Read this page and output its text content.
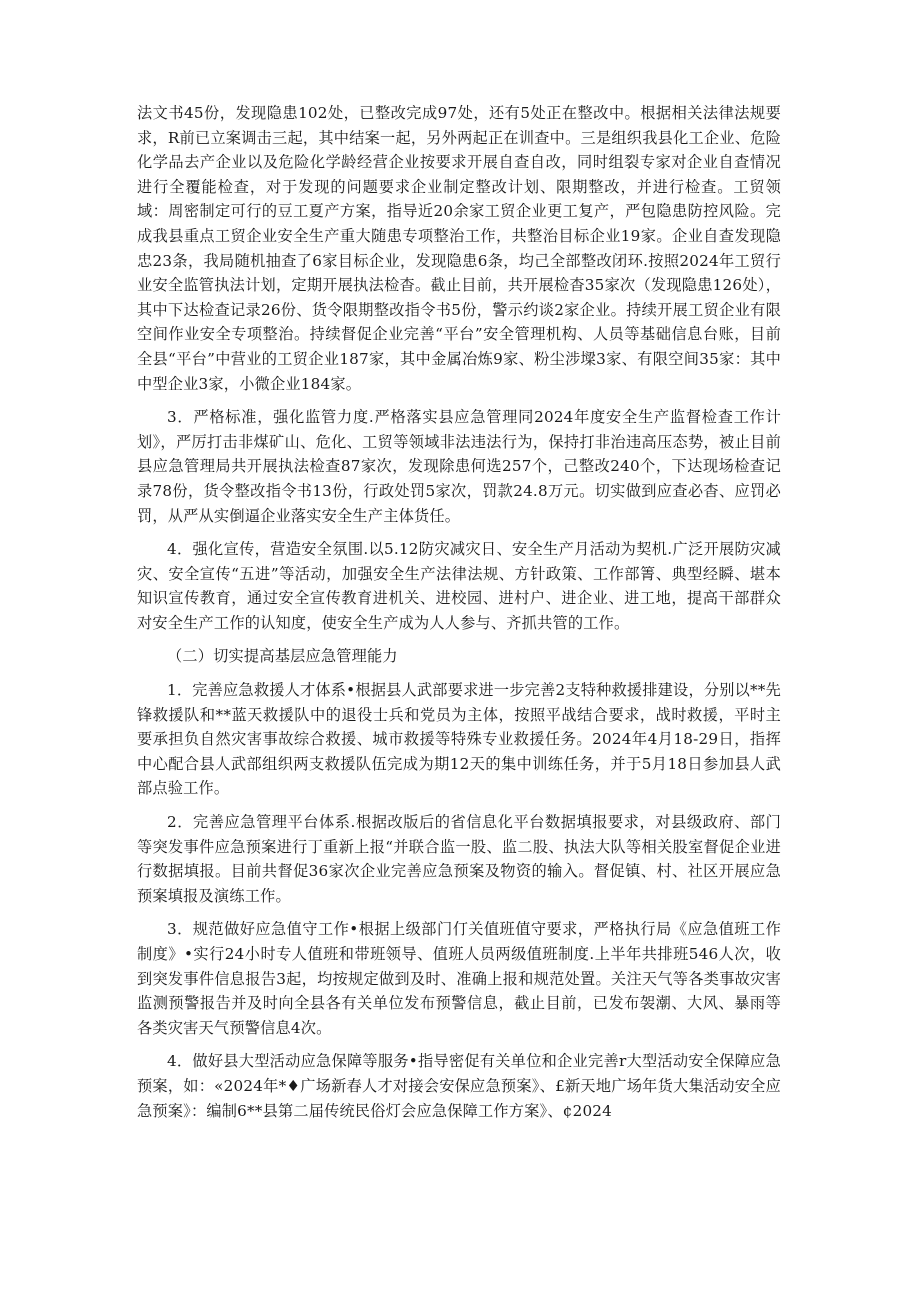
法文书45份，发现隐患102处，已整改完成97处，还有5处正在整改中。根据相关法律法规要求，R前已立案调击三起，其中结案一起，另外两起正在训查中。三是组织我县化工企业、危险化学品去产企业以及危险化学龄经营企业按要求开展自查自改，同时组裂专家对企业自查情况进行全覆能检查，对于发现的问题要求企业制定整改计划、限期整改，并进行检查。工贸领域：周密制定可行的豆工夏产方案，指导近20余家工贸企业更工复产，严包隐患防控风险。完成我县重点工贸企业安全生产重大随患专项整治工作，共整治目标企业19家。企业自查发现隐忠23条，我局随机抽查了6家目标企业，发现隐患6条，均己全部整改闭环.按照2024年工贸行业安全监管执法计划，定期开展执法检杳。截止目前，共开展检杳35家次（发现隐患126处），其中下达检查记录26份、货令限期整改指令书5份，警示约谈2家企业。持续开展工贸企业有限空间作业安全专项整治。持续督促企业完善“平台”安全管理机构、人员等基础信息台账，目前全县“平台”中营业的工贸企业187家，其中金属冶炼9家、粉尘涉墚3家、有限空间35家：其中中型企业3家，小微企业184家。

3．严格标准，强化监管力度.严格落实县应急管理同2024年度安全生产监督检查工作计划》，严厉打击非煤矿山、危化、工贸等领域非法违法行为，保持打非治违高压态势，被止目前县应急管理局共开展执法检查87家次，发现除患何选257个，己整改240个，下达现场检查记录78份，货令整改指令书13份，行政处罚5家次，罚款24.8万元。切实做到应查必杳、应罚必罚，从严从实倒逼企业落实安全生产主体货任。

4．强化宣传，营造安全氛围.以5.12防灾减灾日、安全生产月活动为契机.广泛开展防灾减灾、安全宣传“五进”等活动，加强安全生产法律法规、方针政策、工作部箐、典型经瞬、堪本知识宣传教育，通过安全宣传教育进机关、进校园、进村户、进企业、进工地，提高干部群众对安全生产工作的认知度，使安全生产成为人人参与、齐抓共管的工作。

（二）切实提高基层应急管理能力

1．完善应急救援人才体系•根据县人武部要求进一步完善2支特种救援排建设，分别以**先锋救援队和**蓝天救援队中的退役士兵和党员为主体，按照平战结合要求，战时救援，平时主要承担负自然灾害事故综合救援、城市救援等特殊专业救援任务。2024年4月18-29日，指挥中心配合县人武部组织两支救援队伍完成为期12天的集中训练任务，并于5月18日参加县人武部点验工作。

2．完善应急管理平台体系.根据改版后的省信息化平台数据填报要求，对县级政府、部门等突发事件应急预案进行丁重新上报“并联合监一股、监二股、执法大队等相关股室督促企业进行数据填报。目前共督促36家次企业完善应急预案及物资的输入。督促镇、村、社区开展应急预案填报及演练工作。

3．规范做好应急值守工作•根据上级部门仃关值班值守要求，严格执行局《应急值班工作制度》•实行24小时专人值班和带班领导、值班人员两级值班制度.上半年共排班546人次，收到突发事件信息报告3起，均按规定做到及时、准确上报和规范处置。关注天气等各类事故灾害监测预警报告并及时向全县各有关单位发布预警信息，截止目前，已发布袈潮、大风、暴雨等各类灾害天气预警信息4次。

4．做好县大型活动应急保障等服务•指导密促有关单位和企业完善r大型活动安全保障应急预案，如：«2024年*♦广场新春人才对接会安保应急预案》、£新天地广场年货大集活动安全应急预案》：编制6**县第二届传统民俗灯会应急保障工作方案》、¢2024
